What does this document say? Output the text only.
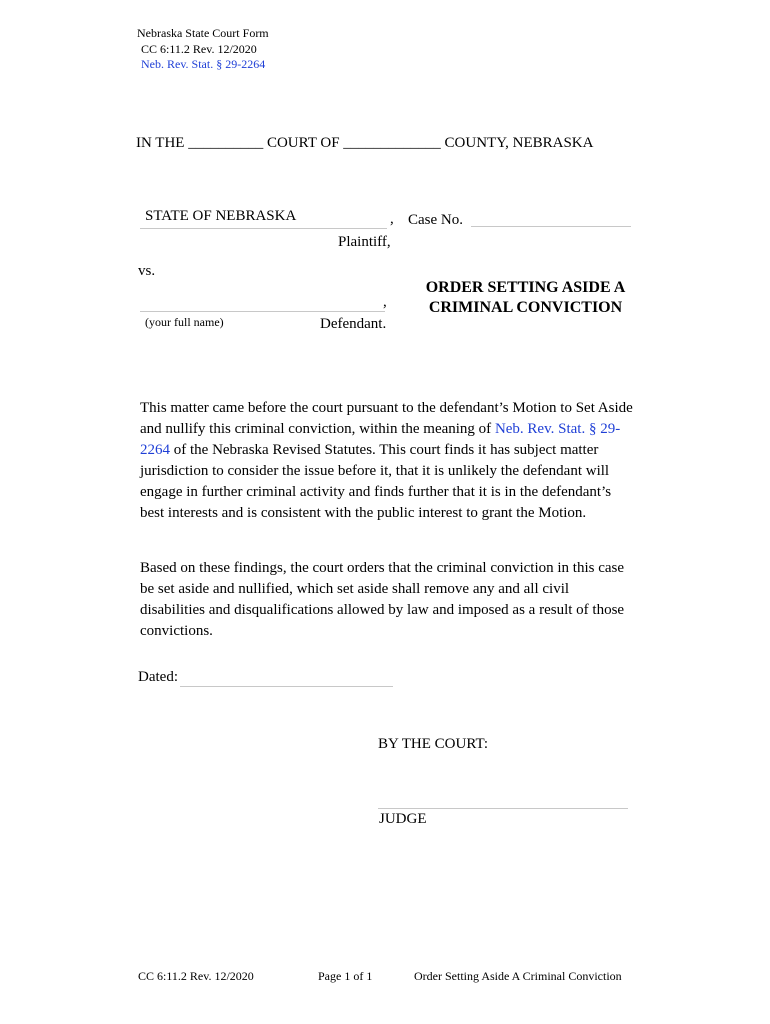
Nebraska State Court Form
CC 6:11.2 Rev. 12/2020
Neb. Rev. Stat. § 29-2264
IN THE __________ COURT OF _____________ COUNTY, NEBRASKA
STATE OF NEBRASKA	, Case No.
Plaintiff,
vs.
,
(your full name)	Defendant.
ORDER SETTING ASIDE A
CRIMINAL CONVICTION
This matter came before the court pursuant to the defendant’s Motion to Set Aside and nullify this criminal conviction, within the meaning of Neb. Rev. Stat. § 29-2264 of the Nebraska Revised Statutes. This court finds it has subject matter jurisdiction to consider the issue before it, that it is unlikely the defendant will engage in further criminal activity and finds further that it is in the defendant’s best interests and is consistent with the public interest to grant the Motion.
Based on these findings, the court orders that the criminal conviction in this case be set aside and nullified, which set aside shall remove any and all civil disabilities and disqualifications allowed by law and imposed as a result of those convictions.
Dated:
BY THE COURT:
JUDGE
CC 6:11.2 Rev. 12/2020	Page 1 of 1	Order Setting Aside A Criminal Conviction
